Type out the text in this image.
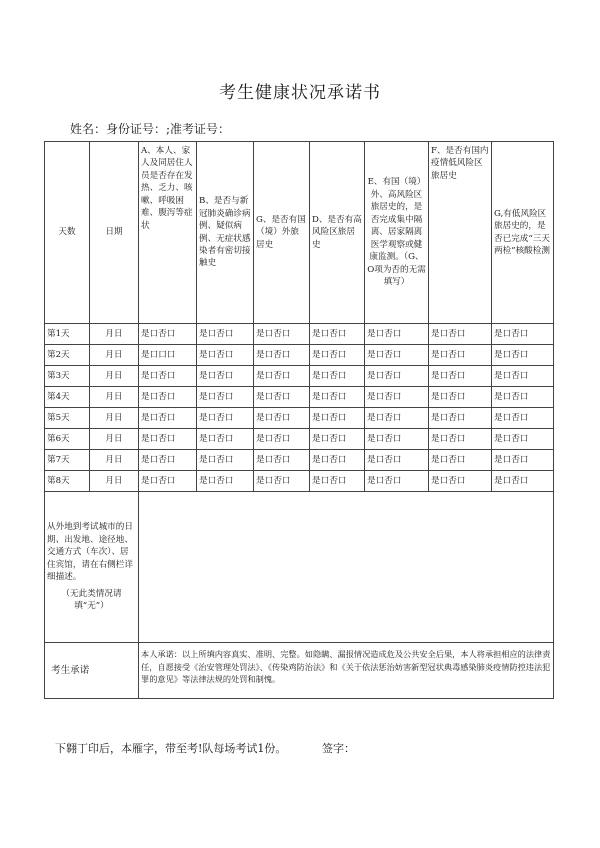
考生健康状况承诺书
姓名：身份证号：;准考证号：
天数	日期	A、本人、家人及同居住人员是否存在发热、乏力、咳嗽、呼吸困难、腹泻等症状	B、是否与新冠肺炎确诊病例、疑似病例、无症状感染者有密切接触史	G、是否有国（境）外旅居史	D、是否有高风险区旅居史	E、有国（境）外、高风险区旅居史的，是否完成集中隔离、居家隔离医学观察或健康监测。（G、O项为否的无需填写）	F、是否有国内疫情低风险区旅居史	G,有低风险区旅居史的，是否已完成“三天两检”核酸检测
第1天	月日	是口否口	是口否口	是口否口	是口否口	是口否口	是口否口	是口否口
第2天	月日	是口口口	是口否口	是口否口	是口否口	是口否口	是口否口	是口否口
第3天	月日	是口否口	是口否口	是口否口	是口否口	是口否口	是口否口	是口否口
第4天	月日	是口否口	是口否口	是口否口	是口否口	是口否口	是口否口	是口否口
第5天	月日	是口否口	是口否口	是口否口	是口否口	是口否口	是口否口	是口否口
第6天	月日	是口否口	是口否口	是口否口	是口否口	是口否口	是口否口	是口否口
第7天	月日	是口否口	是口否口	是口否口	是口否口	是口否口	是口否口	是口否口
第8天	月日	是口否口	是口否口	是口否口	是口否口	是口否口	是口否口	是口否口

从外地到考试城市的日期、出发地、途径地、交通方式（车次）、居住宾馆，请在右侧栏详细描述。
（无此类情况请填“无”）								

考生承诺		本人承诺：以上所填内容真实、准明、完整。如隐瞒、漏报情况造成危及公共安全后果，本人将承担相应的法律责任，自愿接受《治安管理处罚法》、《传染鸡防治法》和《关于依法惩治妨害新型冠状典毒感染肺炎疫情防控违法犯罪的意见》等法律法规的处罚和制愧。						
下翱丁印后，本雁字，带至考!队每场考试1份。	签字：
